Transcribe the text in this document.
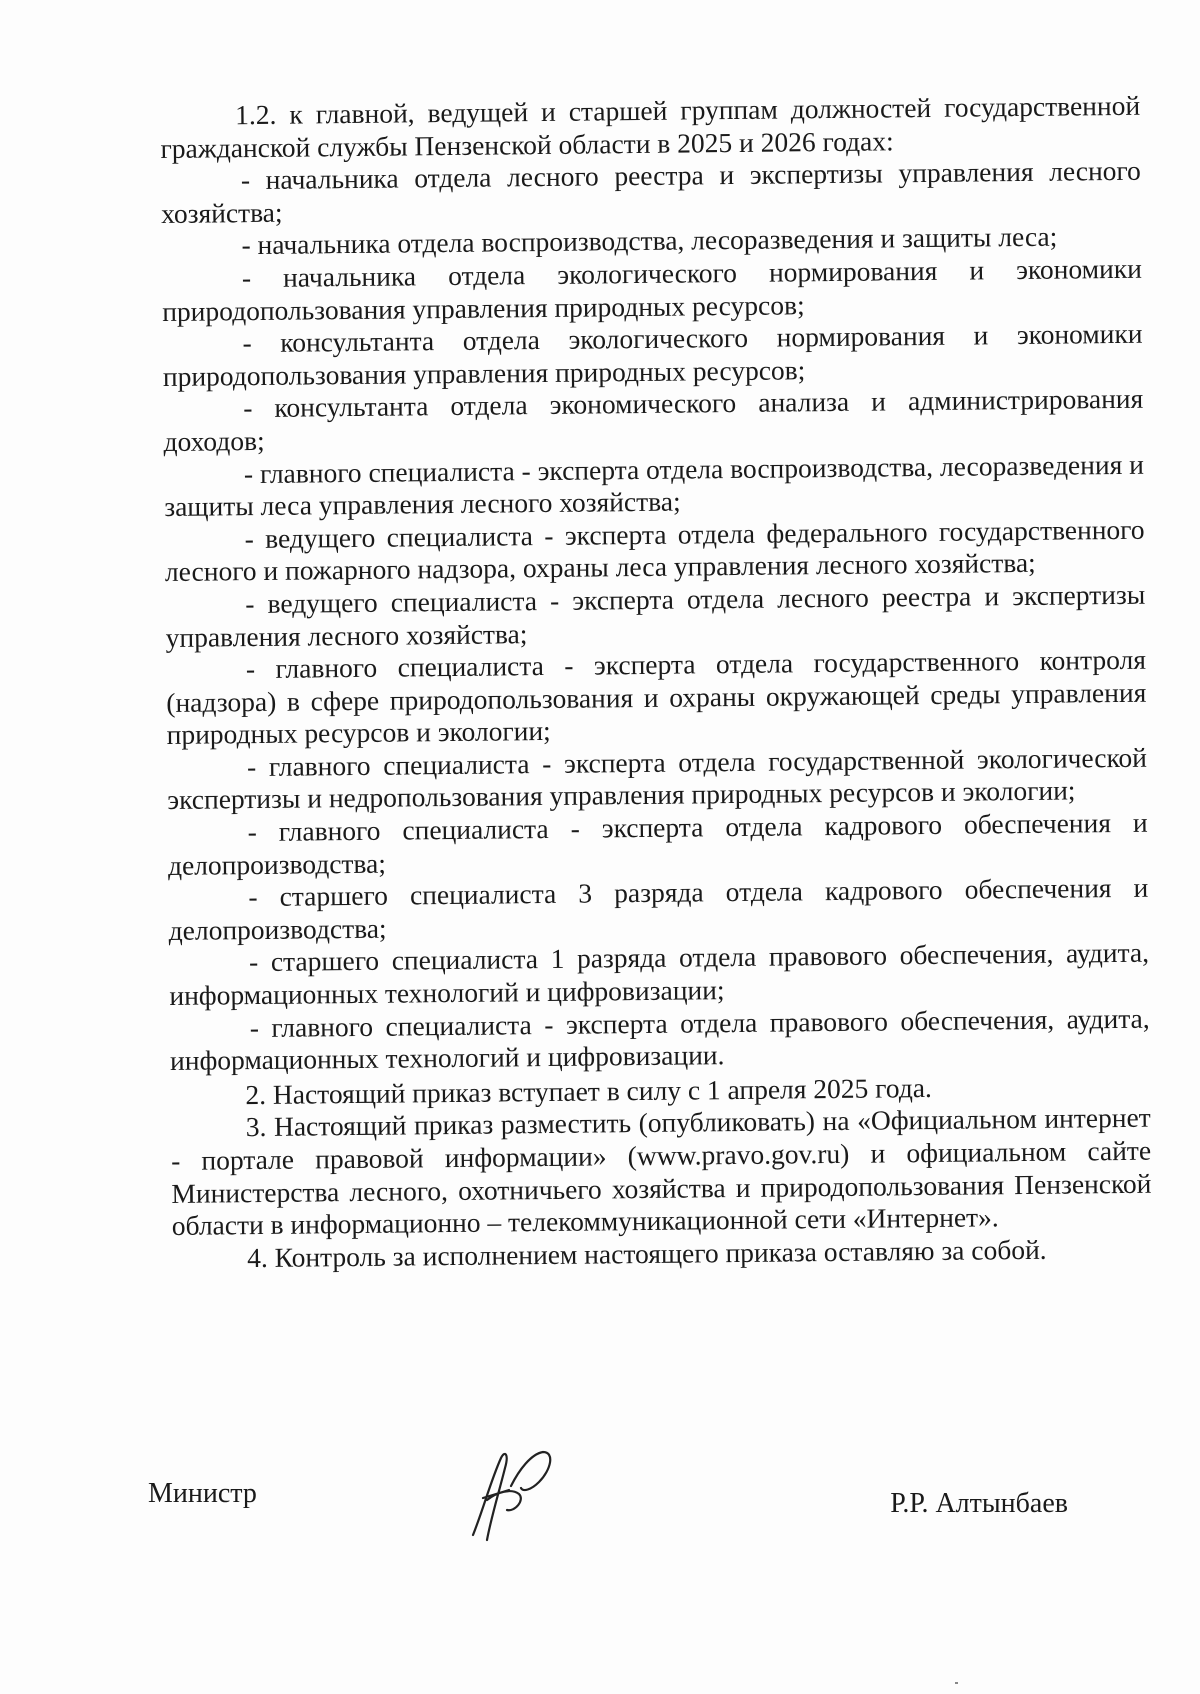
1.2. к главной, ведущей и старшей группам должностей государственной гражданской службы Пензенской области в 2025 и 2026 годах:

- начальника отдела лесного реестра и экспертизы управления лесного хозяйства;

- начальника отдела воспроизводства, лесоразведения и защиты леса;

- начальника отдела экологического нормирования и экономики природопользования управления природных ресурсов;

- консультанта отдела экологического нормирования и экономики природопользования управления природных ресурсов;

- консультанта отдела экономического анализа и администрирования доходов;

- главного специалиста - эксперта отдела воспроизводства, лесоразведения и защиты леса управления лесного хозяйства;

- ведущего специалиста - эксперта отдела федерального государственного лесного и пожарного надзора, охраны леса управления лесного хозяйства;

- ведущего специалиста - эксперта отдела лесного реестра и экспертизы управления лесного хозяйства;

- главного специалиста - эксперта отдела государственного контроля (надзора) в сфере природопользования и охраны окружающей среды управления природных ресурсов и экологии;

- главного специалиста - эксперта отдела государственной экологической экспертизы и недропользования управления природных ресурсов и экологии;

- главного специалиста - эксперта отдела кадрового обеспечения и делопроизводства;

- старшего специалиста 3 разряда отдела кадрового обеспечения и делопроизводства;

- старшего специалиста 1 разряда отдела правового обеспечения, аудита, информационных технологий и цифровизации;

- главного специалиста - эксперта отдела правового обеспечения, аудита, информационных технологий и цифровизации.

2. Настоящий приказ вступает в силу с 1 апреля 2025 года.

3. Настоящий приказ разместить (опубликовать) на «Официальном интернет - портале правовой информации» (www.pravo.gov.ru) и официальном сайте Министерства лесного, охотничьего хозяйства и природопользования Пензенской области в информационно – телекоммуникационной сети «Интернет».

4. Контроль за исполнением настоящего приказа оставляю за собой.

Министр	Р.Р. Алтынбаев
